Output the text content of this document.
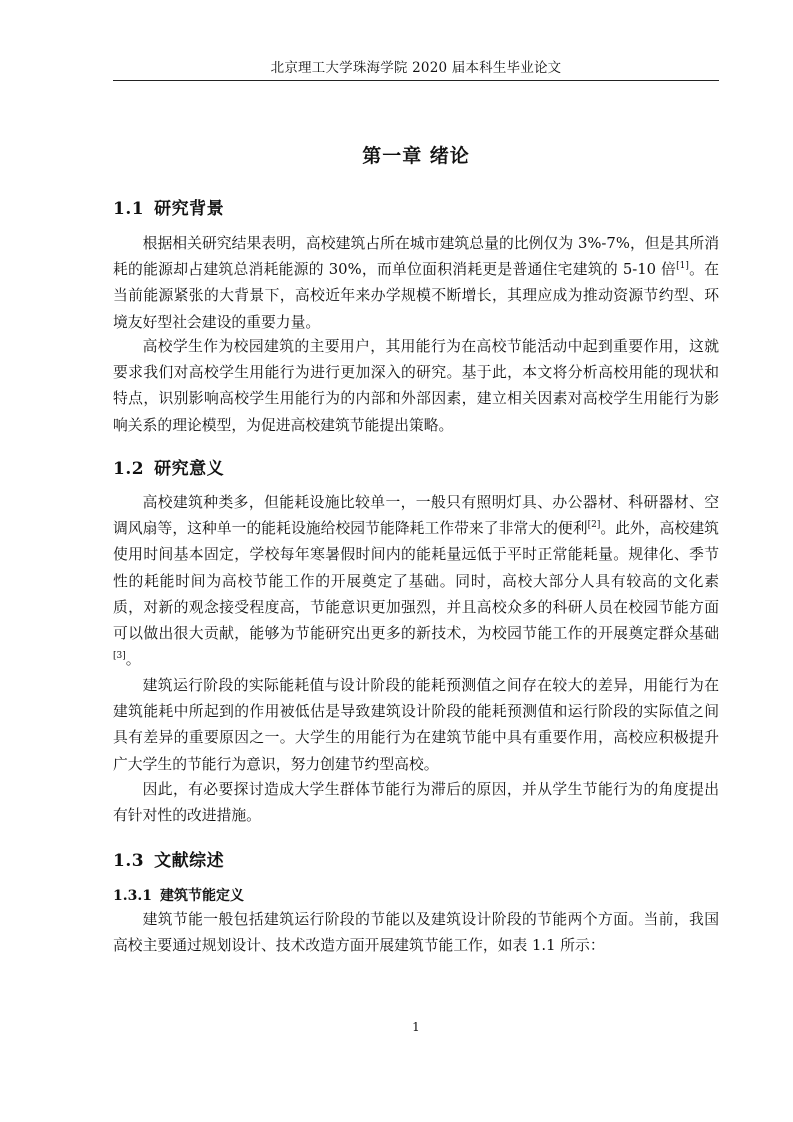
北京理工大学珠海学院 2020 届本科生毕业论文
第一章 绪论
1.1 研究背景

根据相关研究结果表明，高校建筑占所在城市建筑总量的比例仅为 3%-7%，但是其所消耗的能源却占建筑总消耗能源的 30%，而单位面积消耗更是普通住宅建筑的 5-10 倍[1]。在当前能源紧张的大背景下，高校近年来办学规模不断增长，其理应成为推动资源节约型、环境友好型社会建设的重要力量。

高校学生作为校园建筑的主要用户，其用能行为在高校节能活动中起到重要作用，这就要求我们对高校学生用能行为进行更加深入的研究。基于此，本文将分析高校用能的现状和特点，识别影响高校学生用能行为的内部和外部因素，建立相关因素对高校学生用能行为影响关系的理论模型，为促进高校建筑节能提出策略。

1.2 研究意义

高校建筑种类多，但能耗设施比较单一，一般只有照明灯具、办公器材、科研器材、空调风扇等，这种单一的能耗设施给校园节能降耗工作带来了非常大的便利[2]。此外，高校建筑使用时间基本固定，学校每年寒暑假时间内的能耗量远低于平时正常能耗量。规律化、季节性的耗能时间为高校节能工作的开展奠定了基础。同时，高校大部分人具有较高的文化素质，对新的观念接受程度高，节能意识更加强烈，并且高校众多的科研人员在校园节能方面可以做出很大贡献，能够为节能研究出更多的新技术，为校园节能工作的开展奠定群众基础[3]。

建筑运行阶段的实际能耗值与设计阶段的能耗预测值之间存在较大的差异，用能行为在建筑能耗中所起到的作用被低估是导致建筑设计阶段的能耗预测值和运行阶段的实际值之间具有差异的重要原因之一。大学生的用能行为在建筑节能中具有重要作用，高校应积极提升广大学生的节能行为意识，努力创建节约型高校。

因此，有必要探讨造成大学生群体节能行为滞后的原因，并从学生节能行为的角度提出有针对性的改进措施。

1.3 文献综述
1.3.1 建筑节能定义

建筑节能一般包括建筑运行阶段的节能以及建筑设计阶段的节能两个方面。当前，我国高校主要通过规划设计、技术改造方面开展建筑节能工作，如表 1.1 所示：

1
